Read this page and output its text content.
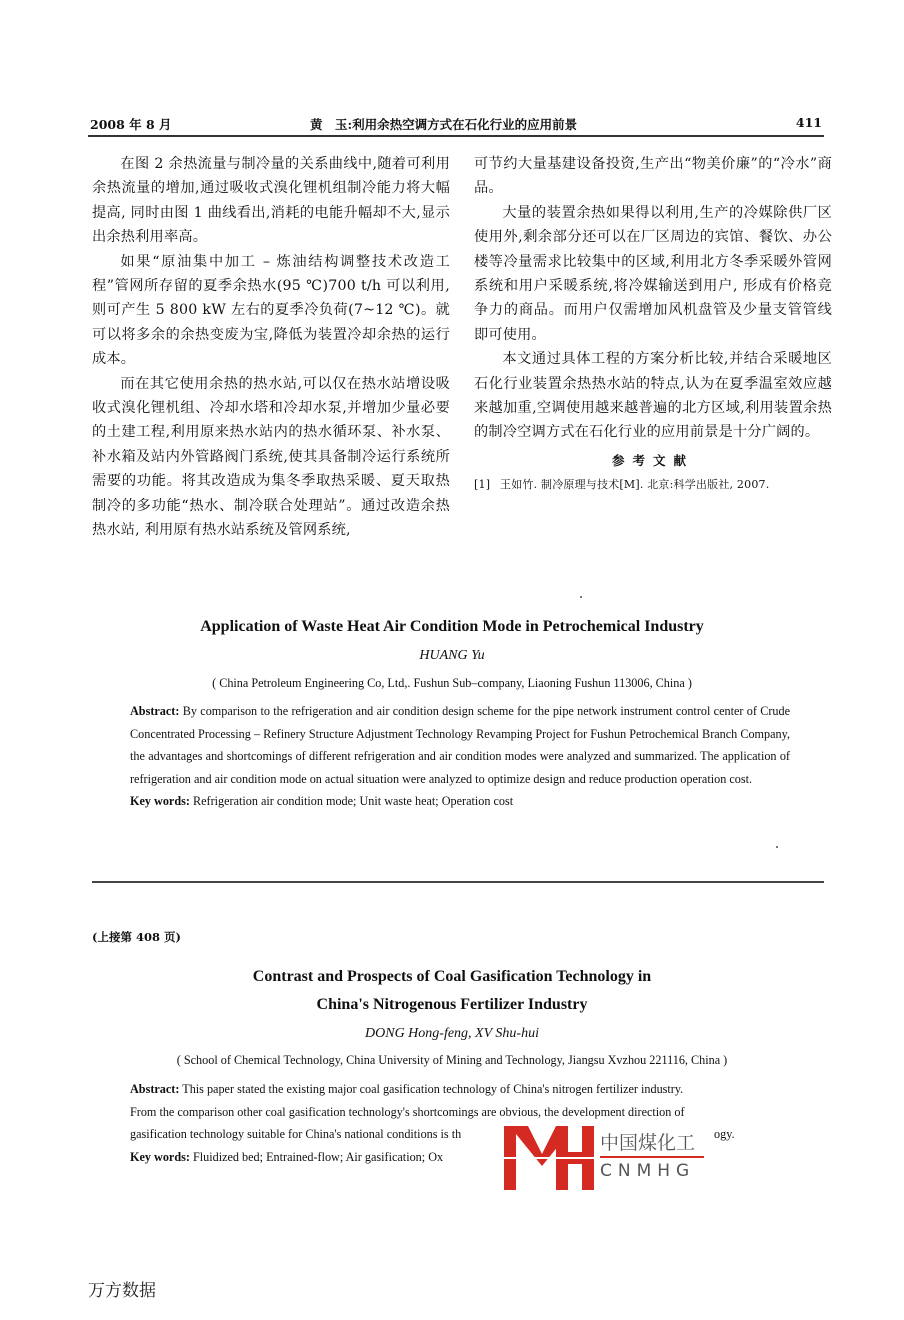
2008 年 8 月	黄　玉:利用余热空调方式在石化行业的应用前景	411

在图 2 余热流量与制冷量的关系曲线中,随着可利用余热流量的增加,通过吸收式溴化锂机组制冷能力将大幅提高, 同时由图 1 曲线看出,消耗的电能升幅却不大,显示出余热利用率高。

如果“原油集中加工 – 炼油结构调整技术改造工程”管网所存留的夏季余热水(95 ℃)700 t/h 可以利用,则可产生 5 800 kW 左右的夏季冷负荷(7~12 ℃)。就可以将多余的余热变废为宝,降低为装置冷却余热的运行成本。

而在其它使用余热的热水站,可以仅在热水站增设吸收式溴化锂机组、冷却水塔和冷却水泵,并增加少量必要的土建工程,利用原来热水站内的热水循环泵、补水泵、补水箱及站内外管路阀门系统,使其具备制冷运行系统所需要的功能。将其改造成为集冬季取热采暖、夏天取热制冷的多功能“热水、制冷联合处理站”。通过改造余热热水站, 利用原有热水站系统及管网系统,

可节约大量基建设备投资,生产出“物美价廉”的“冷水”商品。

大量的装置余热如果得以利用,生产的冷媒除供厂区使用外,剩余部分还可以在厂区周边的宾馆、餐饮、办公楼等冷量需求比较集中的区域,利用北方冬季采暖外管网系统和用户采暖系统,将冷媒输送到用户, 形成有价格竞争力的商品。而用户仅需增加风机盘管及少量支管管线即可使用。

本文通过具体工程的方案分析比较,并结合采暖地区石化行业装置余热热水站的特点,认为在夏季温室效应越来越加重,空调使用越来越普遍的北方区域,利用装置余热的制冷空调方式在石化行业的应用前景是十分广阔的。

参考文献
[1] 王如竹. 制冷原理与技术[M]. 北京:科学出版社, 2007.
Application of Waste Heat Air Condition Mode in Petrochemical Industry
HUANG Yu
( China Petroleum Engineering Co, Ltd,. Fushun Sub–company, Liaoning Fushun 113006, China )

Abstract: By comparison to the refrigeration and air condition design scheme for the pipe network instrument control center of Crude Concentrated Processing – Refinery Structure Adjustment Technology Revamping Project for Fushun Petrochemical Branch Company, the advantages and shortcomings of different refrigeration and air condition modes were analyzed and summarized. The application of refrigeration and air condition mode on actual situation were analyzed to optimize design and reduce production operation cost.

Key words: Refrigeration air condition mode; Unit waste heat; Operation cost

(上接第 408 页)
Contrast and Prospects of Coal Gasification Technology in
China's Nitrogenous Fertilizer Industry
DONG Hong-feng, XV Shu-hui
( School of Chemical Technology, China University of Mining and Technology, Jiangsu Xvzhou 221116, China )

Abstract: This paper stated the existing major coal gasification technology of China's nitrogen fertilizer industry.

From the comparison other coal gasification technology's shortcomings are obvious, the development direction of

gasification technology suitable for China's national conditions is th	ogy.

Key words: Fluidized bed; Entrained-flow; Air gasification; Ox

中国煤化工
CNMHG
万方数据
